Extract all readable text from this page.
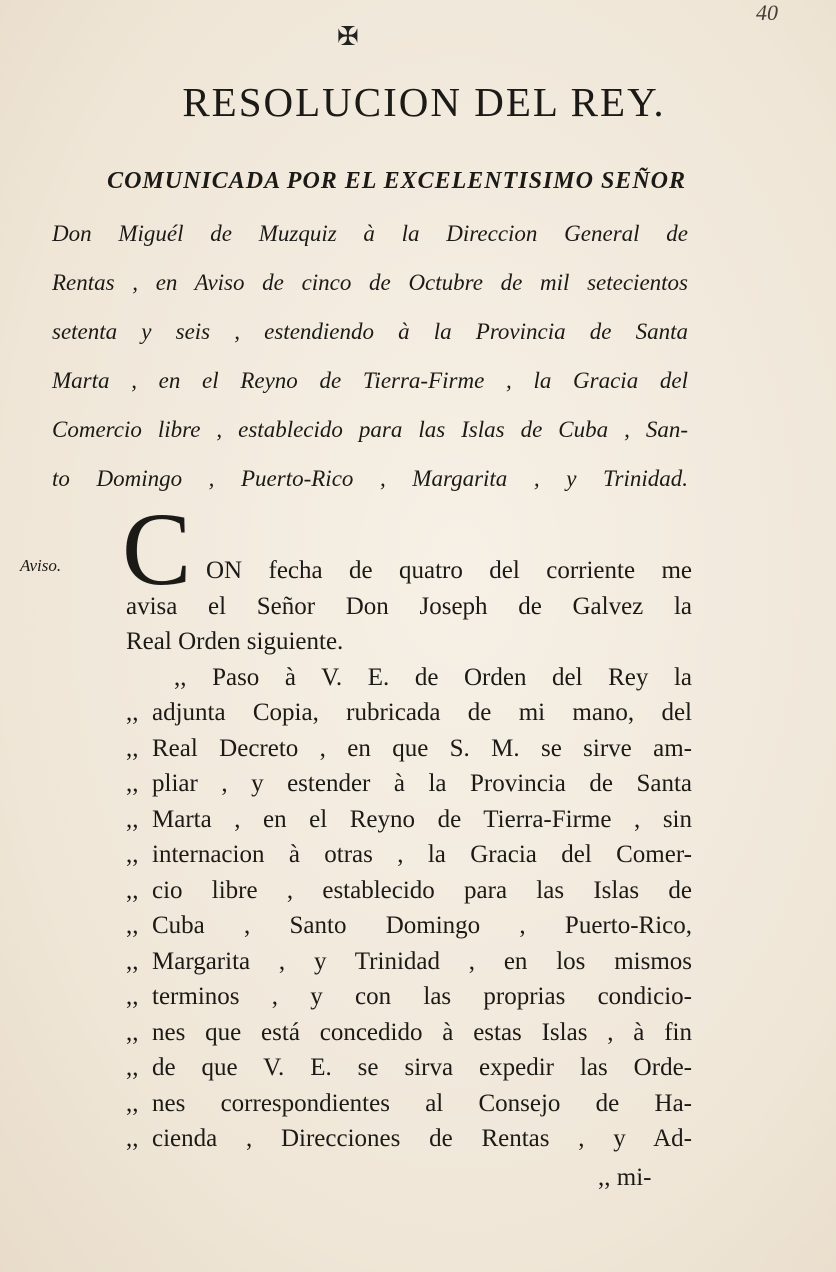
40
✠
RESOLUCION DEL REY.
COMUNICADA POR EL EXCELENTISIMO SEÑOR
Don Miguél de Muzquiz à la Direccion General de
Rentas , en Aviso de cinco de Octubre de mil setecientos
setenta y seis , estendiendo à la Provincia de Santa
Marta , en el Reyno de Tierra-Firme , la Gracia del
Comercio libre , establecido para las Islas de Cuba , San-
to Domingo , Puerto-Rico , Margarita , y Trinidad.
Aviso. C ON fecha de quatro del corriente me
avisa el Señor Don Joseph de Galvez la
Real Orden siguiente.
,, Paso à V. E. de Orden del Rey la
,, adjunta Copia, rubricada de mi mano, del
,, Real Decreto , en que S. M. se sirve am-
,, pliar , y estender à la Provincia de Santa
,, Marta , en el Reyno de Tierra-Firme , sin
,, internacion à otras , la Gracia del Comer-
,, cio libre , establecido para las Islas de
,, Cuba , Santo Domingo , Puerto-Rico,
,, Margarita , y Trinidad , en los mismos
,, terminos , y con las proprias condicio-
,, nes que está concedido à estas Islas , à fin
,, de que V. E. se sirva expedir las Orde-
,, nes correspondientes al Consejo de Ha-
,, cienda , Direcciones de Rentas , y Ad-
,, mi-
